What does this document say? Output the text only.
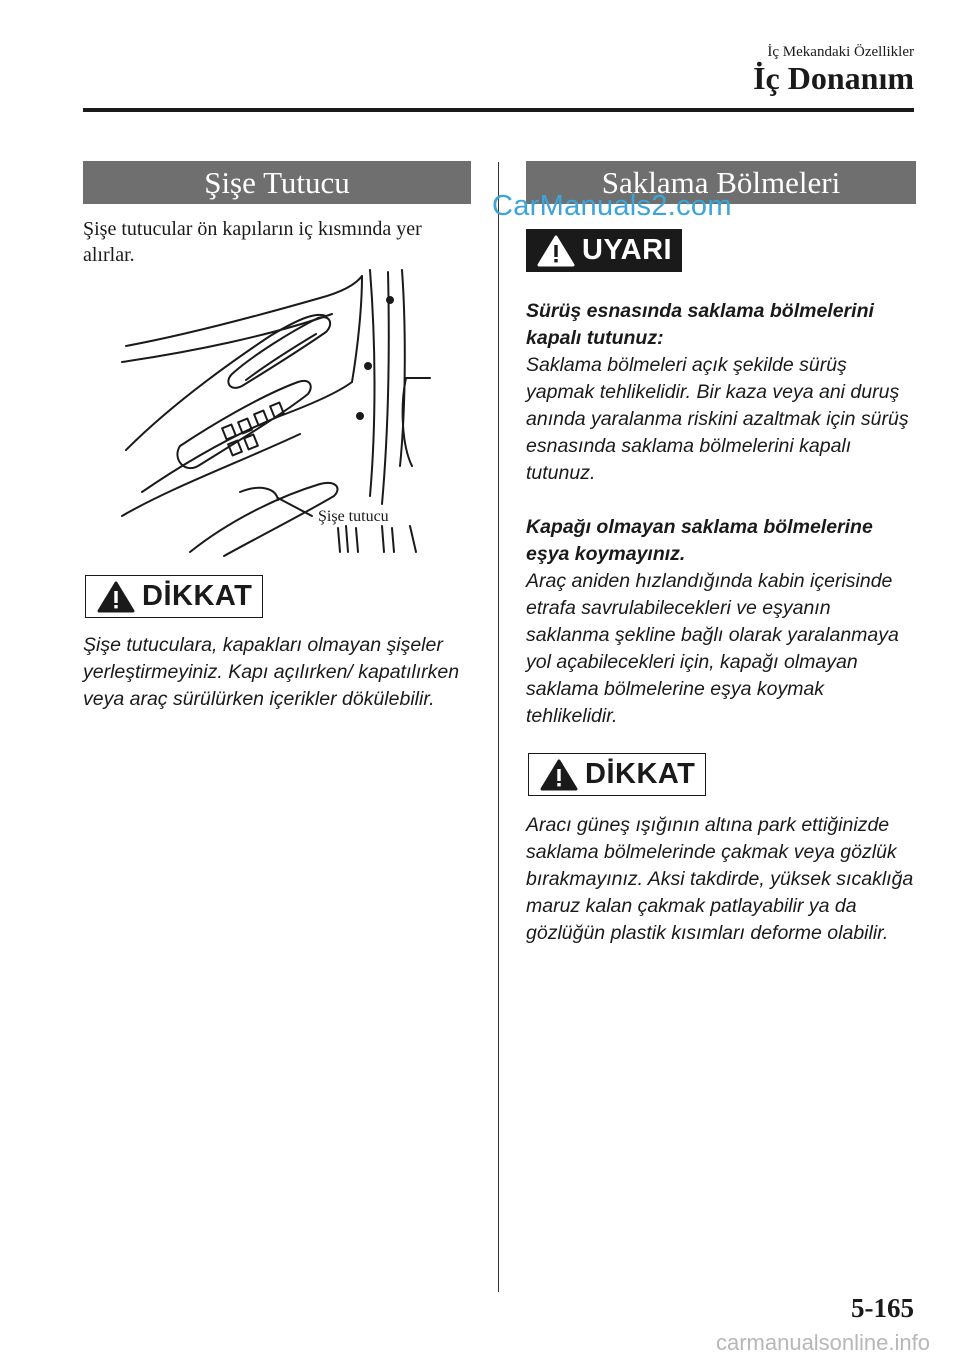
İç Mekandaki Özellikler
İç Donanım
Şişe Tutucu
Şişe tutucular ön kapıların iç kısmında yer alırlar.
Şişe tutucu
DİKKAT
Şişe tutuculara, kapakları olmayan şişeler yerleştirmeyiniz. Kapı açılırken/ kapatılırken veya araç sürülürken içerikler dökülebilir.
Saklama Bölmeleri
CarManuals2.com
UYARI
Sürüş esnasında saklama bölmelerini kapalı tutunuz:
Saklama bölmeleri açık şekilde sürüş yapmak tehlikelidir. Bir kaza veya ani duruş anında yaralanma riskini azaltmak için sürüş esnasında saklama bölmelerini kapalı tutunuz.
Kapağı olmayan saklama bölmelerine eşya koymayınız.
Araç aniden hızlandığında kabin içerisinde etrafa savrulabilecekleri ve eşyanın saklanma şekline bağlı olarak yaralanmaya yol açabilecekleri için, kapağı olmayan saklama bölmelerine eşya koymak tehlikelidir.
DİKKAT
Aracı güneş ışığının altına park ettiğinizde saklama bölmelerinde çakmak veya gözlük bırakmayınız. Aksi takdirde, yüksek sıcaklığa maruz kalan çakmak patlayabilir ya da gözlüğün plastik kısımları deforme olabilir.
5-165
carmanualsonline.info
